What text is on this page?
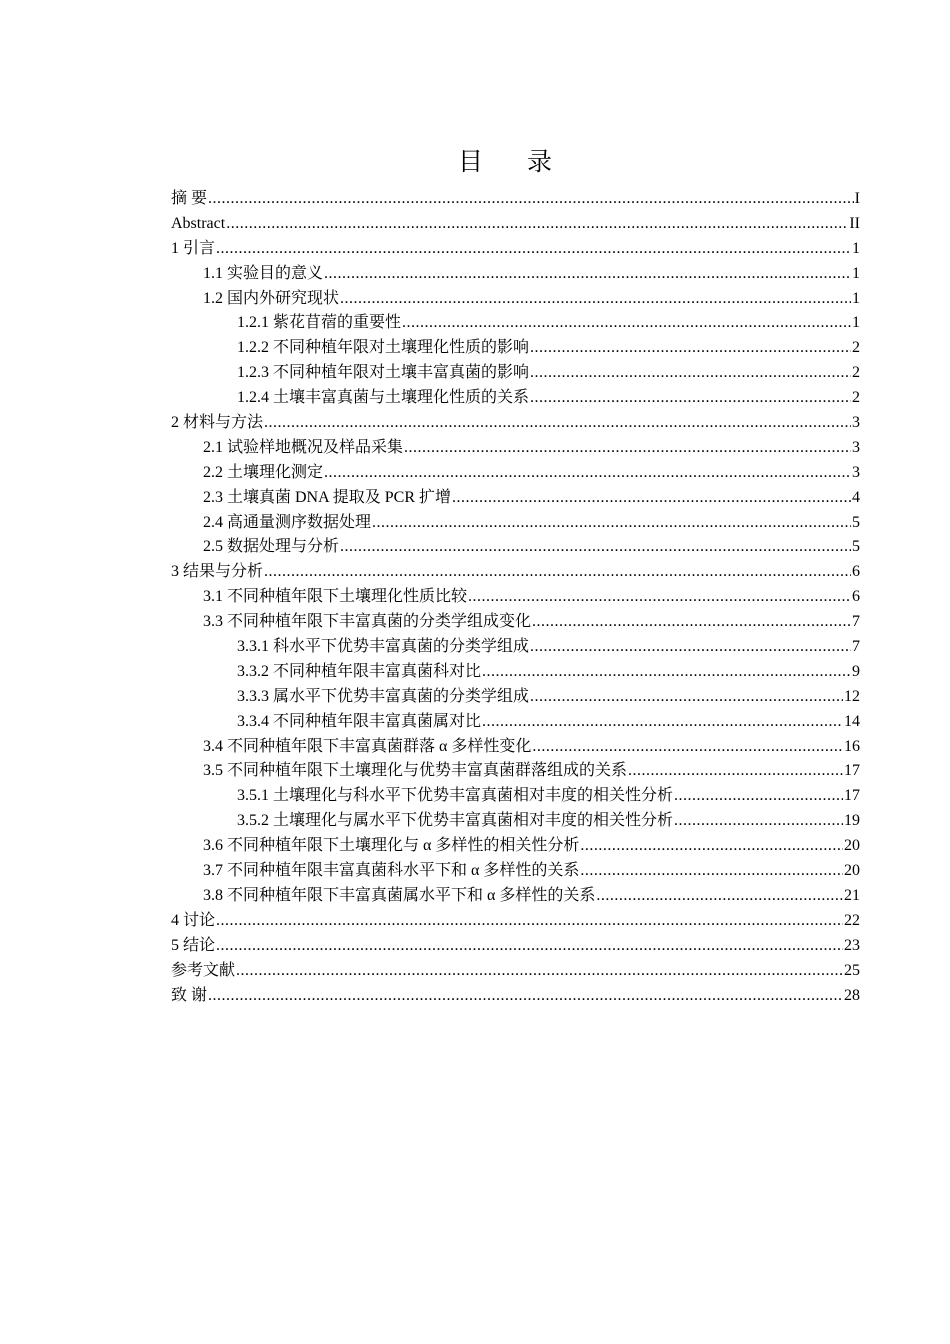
目 录
摘 要 .....	I
Abstract .....	II
1 引言 .....	1
1.1 实验目的意义 .....	1
1.2 国内外研究现状 .....	1
1.2.1 紫花苜蓿的重要性 .....	1
1.2.2 不同种植年限对土壤理化性质的影响 .....	2
1.2.3 不同种植年限对土壤丰富真菌的影响 .....	2
1.2.4 土壤丰富真菌与土壤理化性质的关系 .....	2
2 材料与方法 .....	3
2.1 试验样地概况及样品采集 .....	3
2.2 土壤理化测定 .....	3
2.3 土壤真菌 DNA 提取及 PCR 扩增 .....	4
2.4 高通量测序数据处理 .....	5
2.5 数据处理与分析 .....	5
3 结果与分析 .....	6
3.1 不同种植年限下土壤理化性质比较 .....	6
3.3 不同种植年限下丰富真菌的分类学组成变化 .....	7
3.3.1 科水平下优势丰富真菌的分类学组成 .....	7
3.3.2 不同种植年限丰富真菌科对比 .....	9
3.3.3 属水平下优势丰富真菌的分类学组成 .....	12
3.3.4 不同种植年限丰富真菌属对比 .....	14
3.4 不同种植年限下丰富真菌群落 α 多样性变化 .....	16
3.5 不同种植年限下土壤理化与优势丰富真菌群落组成的关系 .....	17
3.5.1 土壤理化与科水平下优势丰富真菌相对丰度的相关性分析 .....	17
3.5.2 土壤理化与属水平下优势丰富真菌相对丰度的相关性分析 .....	19
3.6 不同种植年限下土壤理化与 α 多样性的相关性分析 .....	20
3.7 不同种植年限丰富真菌科水平下和 α 多样性的关系 .....	20
3.8 不同种植年限下丰富真菌属水平下和 α 多样性的关系 .....	21
4 讨论 .....	22
5 结论 .....	23
参考文献 .....	25
致 谢 .....	28
